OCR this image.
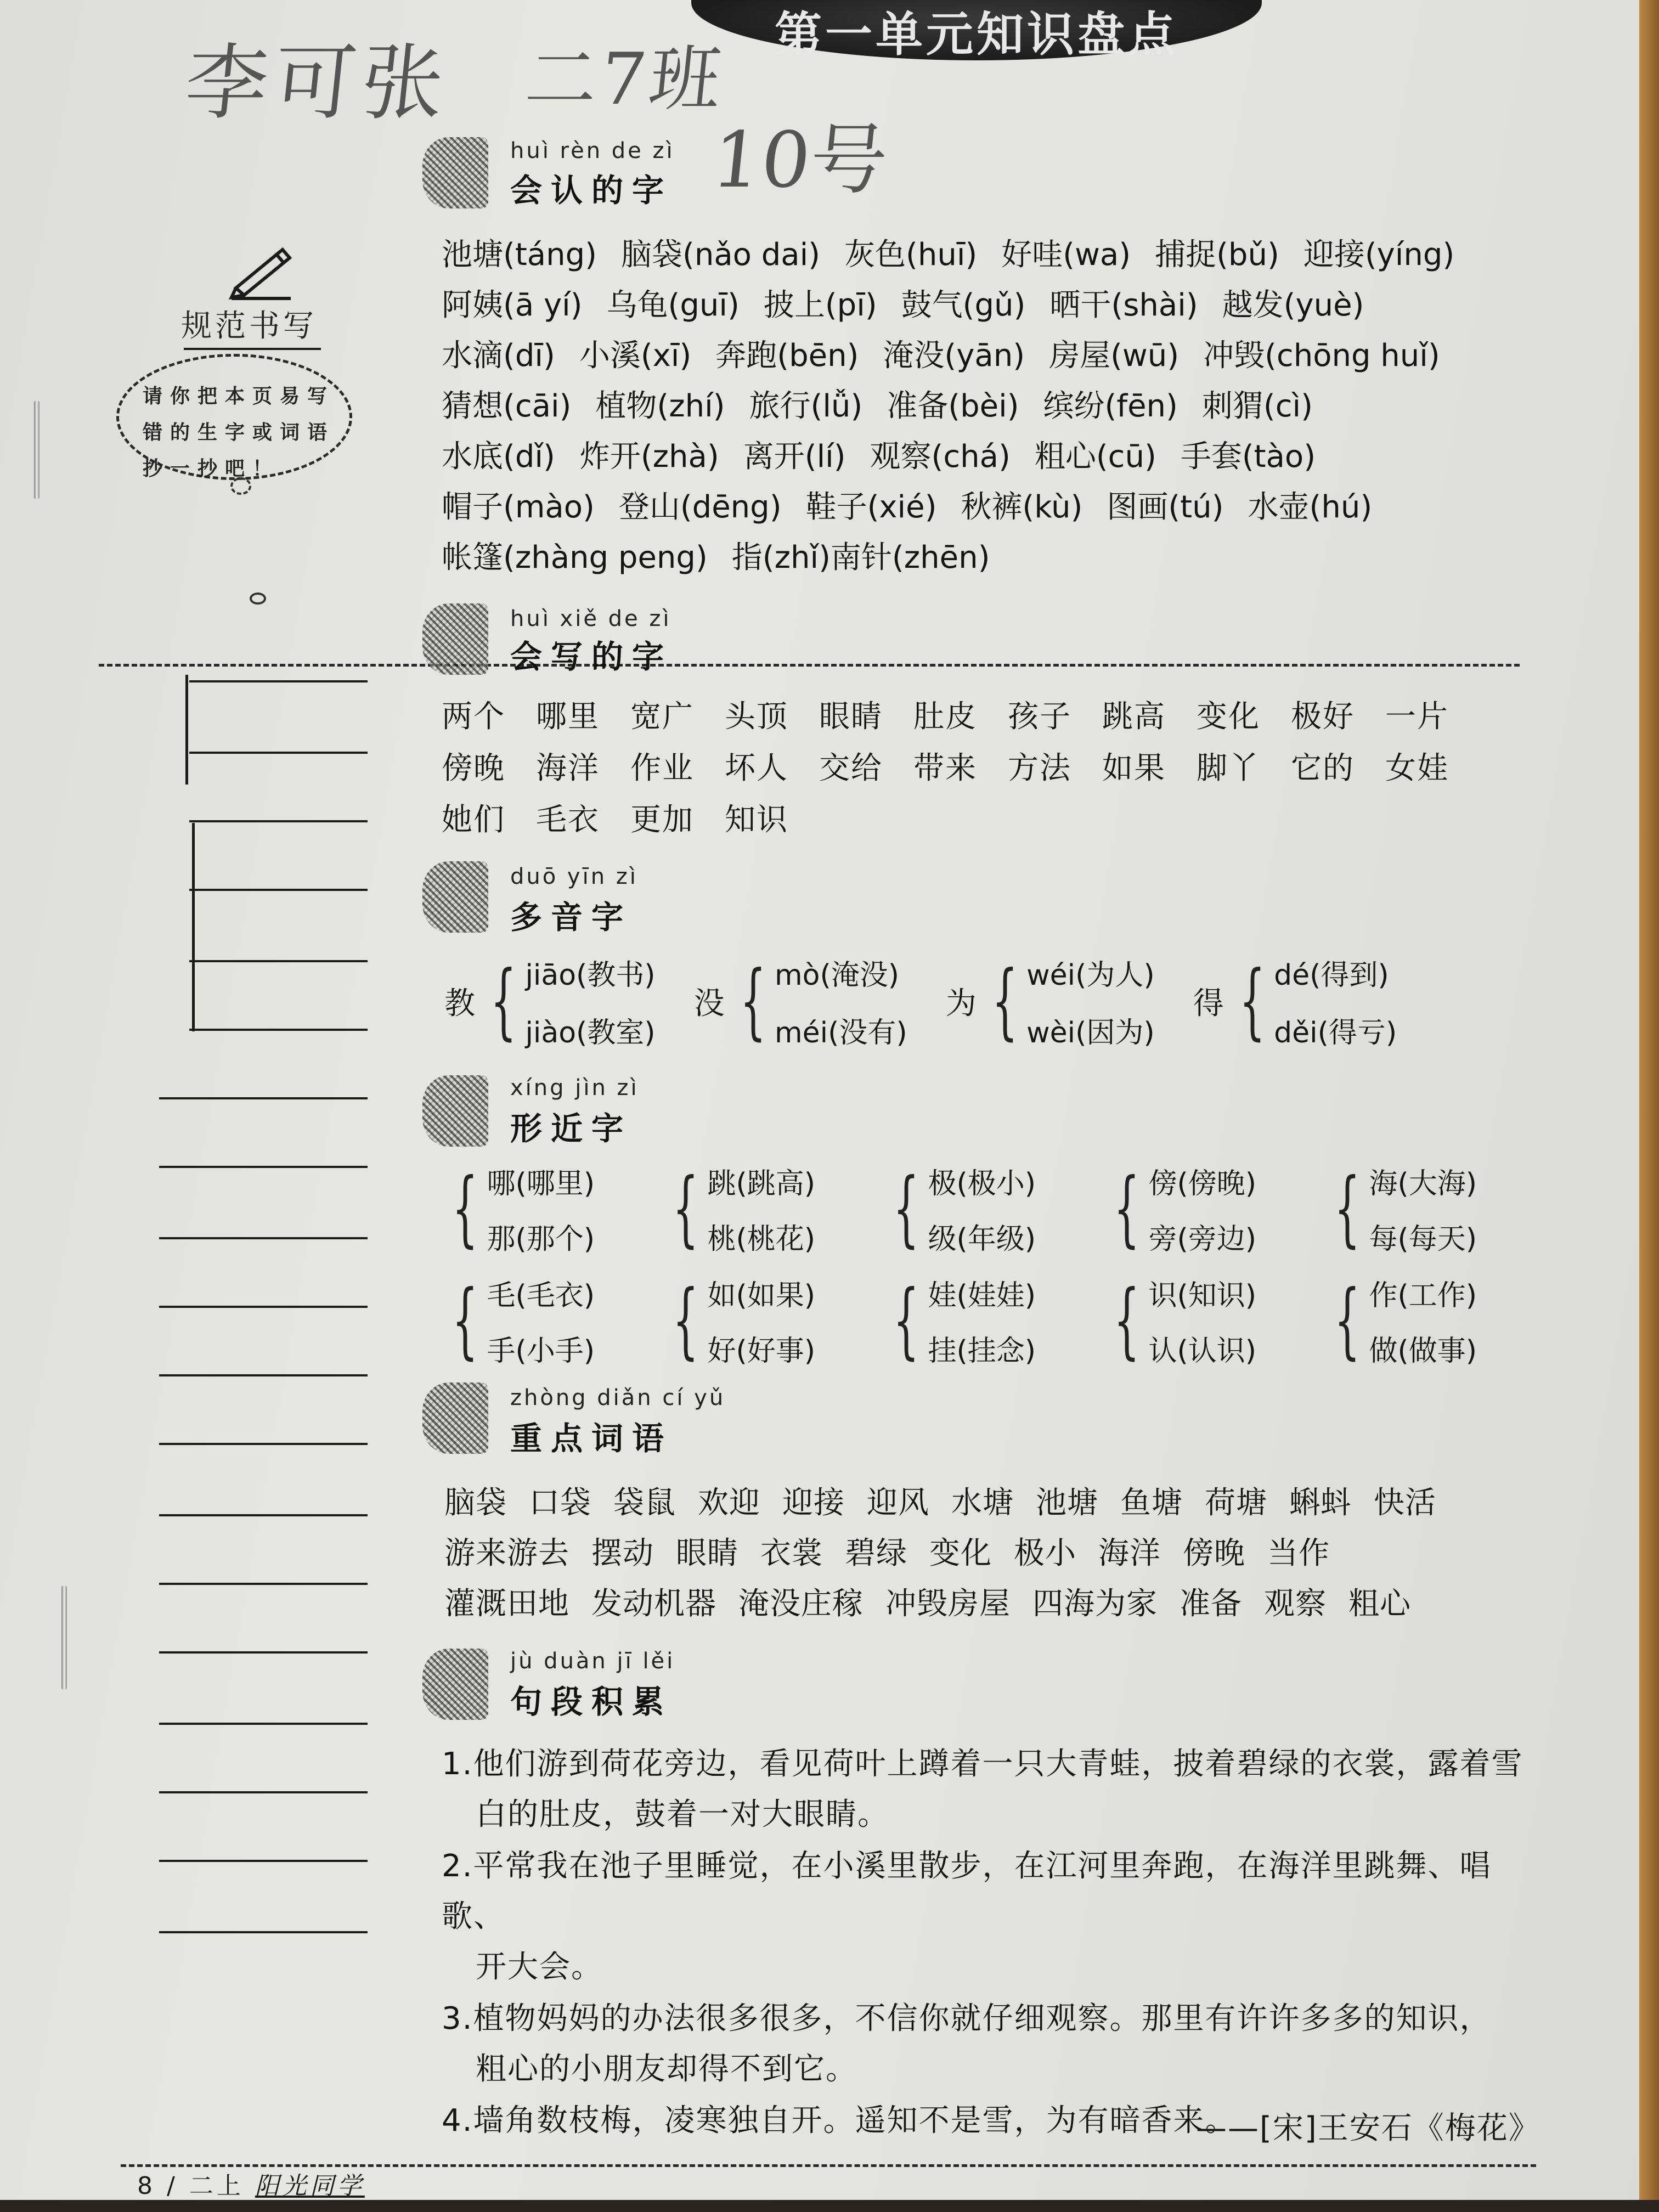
第一单元知识盘点
李可张 二7班
10号
规范书写
请你把本页易写
错的生字或词语
抄一抄吧！
huì rèn de zì
会认的字
池塘(táng) 脑袋(nǎo dai) 灰色(huī) 好哇(wa) 捕捉(bǔ) 迎接(yíng)
阿姨(ā yí) 乌龟(guī) 披上(pī) 鼓气(gǔ) 晒干(shài) 越发(yuè)
水滴(dī) 小溪(xī) 奔跑(bēn) 淹没(yān) 房屋(wū) 冲毁(chōng huǐ)
猜想(cāi) 植物(zhí) 旅行(lǚ) 准备(bèi) 缤纷(fēn) 刺猬(cì)
水底(dǐ) 炸开(zhà) 离开(lí) 观察(chá) 粗心(cū) 手套(tào)
帽子(mào) 登山(dēng) 鞋子(xié) 秋裤(kù) 图画(tú) 水壶(hú)
帐篷(zhàng peng) 指(zhǐ)南针(zhēn)
huì xiě de zì
会写的字
两个 哪里 宽广 头顶 眼睛 肚皮 孩子 跳高 变化 极好 一片
傍晚 海洋 作业 坏人 交给 带来 方法 如果 脚丫 它的 女娃
她们 毛衣 更加 知识
duō yīn zì
多音字
教 { jiāo(教书)
jiào(教室)
没 { mò(淹没)
méi(没有)
为 { wéi(为人)
wèi(因为)
得 { dé(得到)
děi(得亏)
xíng jìn zì
形近字
{ 哪(哪里)
那(那个) { 跳(跳高)
桃(桃花) { 极(极小)
级(年级) { 傍(傍晚)
旁(旁边) { 海(大海)
每(每天)
{ 毛(毛衣)
手(小手) { 如(如果)
好(好事) { 娃(娃娃)
挂(挂念) { 识(知识)
认(认识) { 作(工作)
做(做事)
zhòng diǎn cí yǔ
重点词语
脑袋 口袋 袋鼠 欢迎 迎接 迎风 水塘 池塘 鱼塘 荷塘 蝌蚪 快活
游来游去 摆动 眼睛 衣裳 碧绿 变化 极小 海洋 傍晚 当作
灌溉田地 发动机器 淹没庄稼 冲毁房屋 四海为家 准备 观察 粗心
jù duàn jī lěi
句段积累
1.他们游到荷花旁边，看见荷叶上蹲着一只大青蛙，披着碧绿的衣裳，露着雪
白的肚皮，鼓着一对大眼睛。
2.平常我在池子里睡觉，在小溪里散步，在江河里奔跑，在海洋里跳舞、唱歌、
开大会。
3.植物妈妈的办法很多很多，不信你就仔细观察。那里有许许多多的知识，
粗心的小朋友却得不到它。
4.墙角数枝梅，凌寒独自开。遥知不是雪，为有暗香来。
——[宋]王安石《梅花》
8 / 二上 阳光同学
